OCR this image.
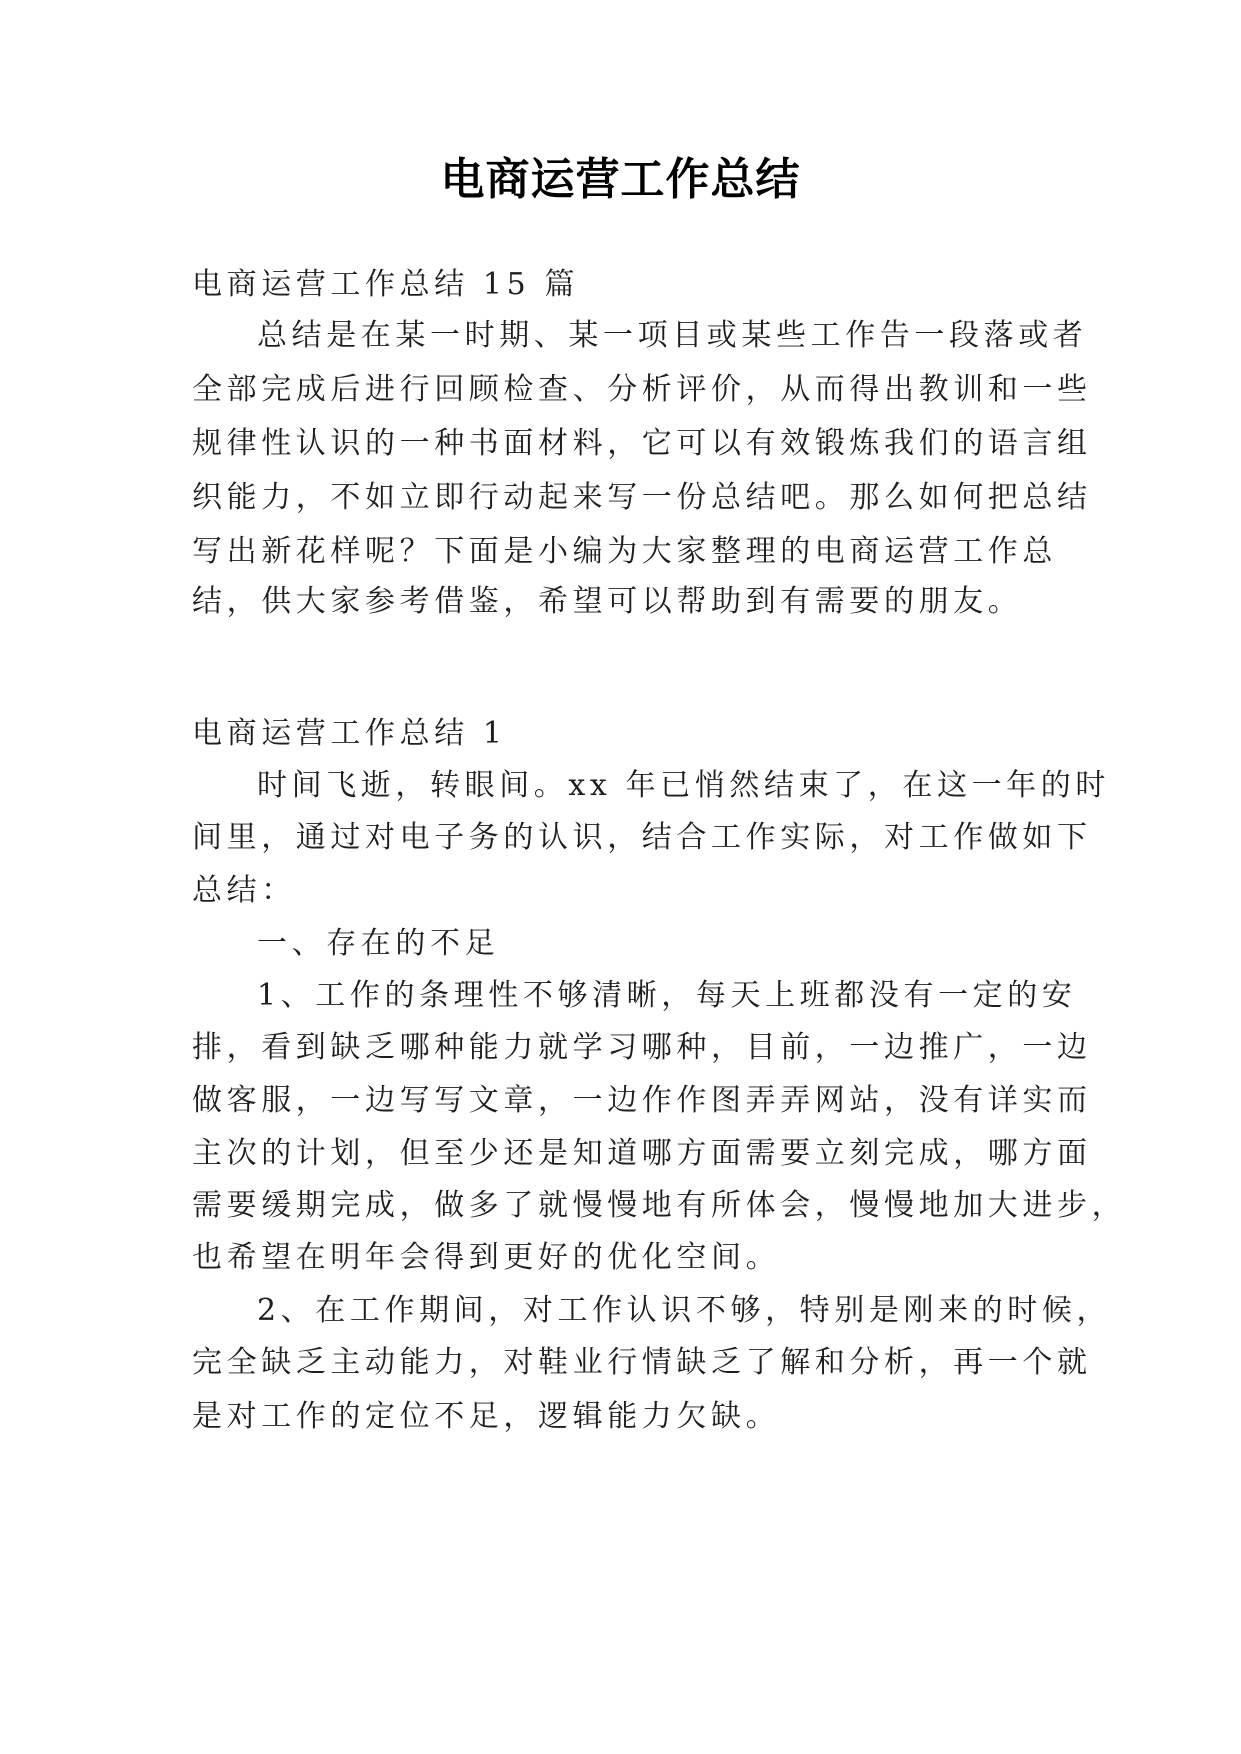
电商运营工作总结
电商运营工作总结 15 篇
总结是在某一时期、某一项目或某些工作告一段落或者
全部完成后进行回顾检查、分析评价，从而得出教训和一些
规律性认识的一种书面材料，它可以有效锻炼我们的语言组
织能力，不如立即行动起来写一份总结吧。那么如何把总结
写出新花样呢？下面是小编为大家整理的电商运营工作总
结，供大家参考借鉴，希望可以帮助到有需要的朋友。
电商运营工作总结 1
时间飞逝，转眼间。xx 年已悄然结束了，在这一年的时
间里，通过对电子务的认识，结合工作实际，对工作做如下
总结：
一、存在的不足
1、工作的条理性不够清晰，每天上班都没有一定的安
排，看到缺乏哪种能力就学习哪种，目前，一边推广，一边
做客服，一边写写文章，一边作作图弄弄网站，没有详实而
主次的计划，但至少还是知道哪方面需要立刻完成，哪方面
需要缓期完成，做多了就慢慢地有所体会，慢慢地加大进步，
也希望在明年会得到更好的优化空间。
2、在工作期间，对工作认识不够，特别是刚来的时候，
完全缺乏主动能力，对鞋业行情缺乏了解和分析，再一个就
是对工作的定位不足，逻辑能力欠缺。
